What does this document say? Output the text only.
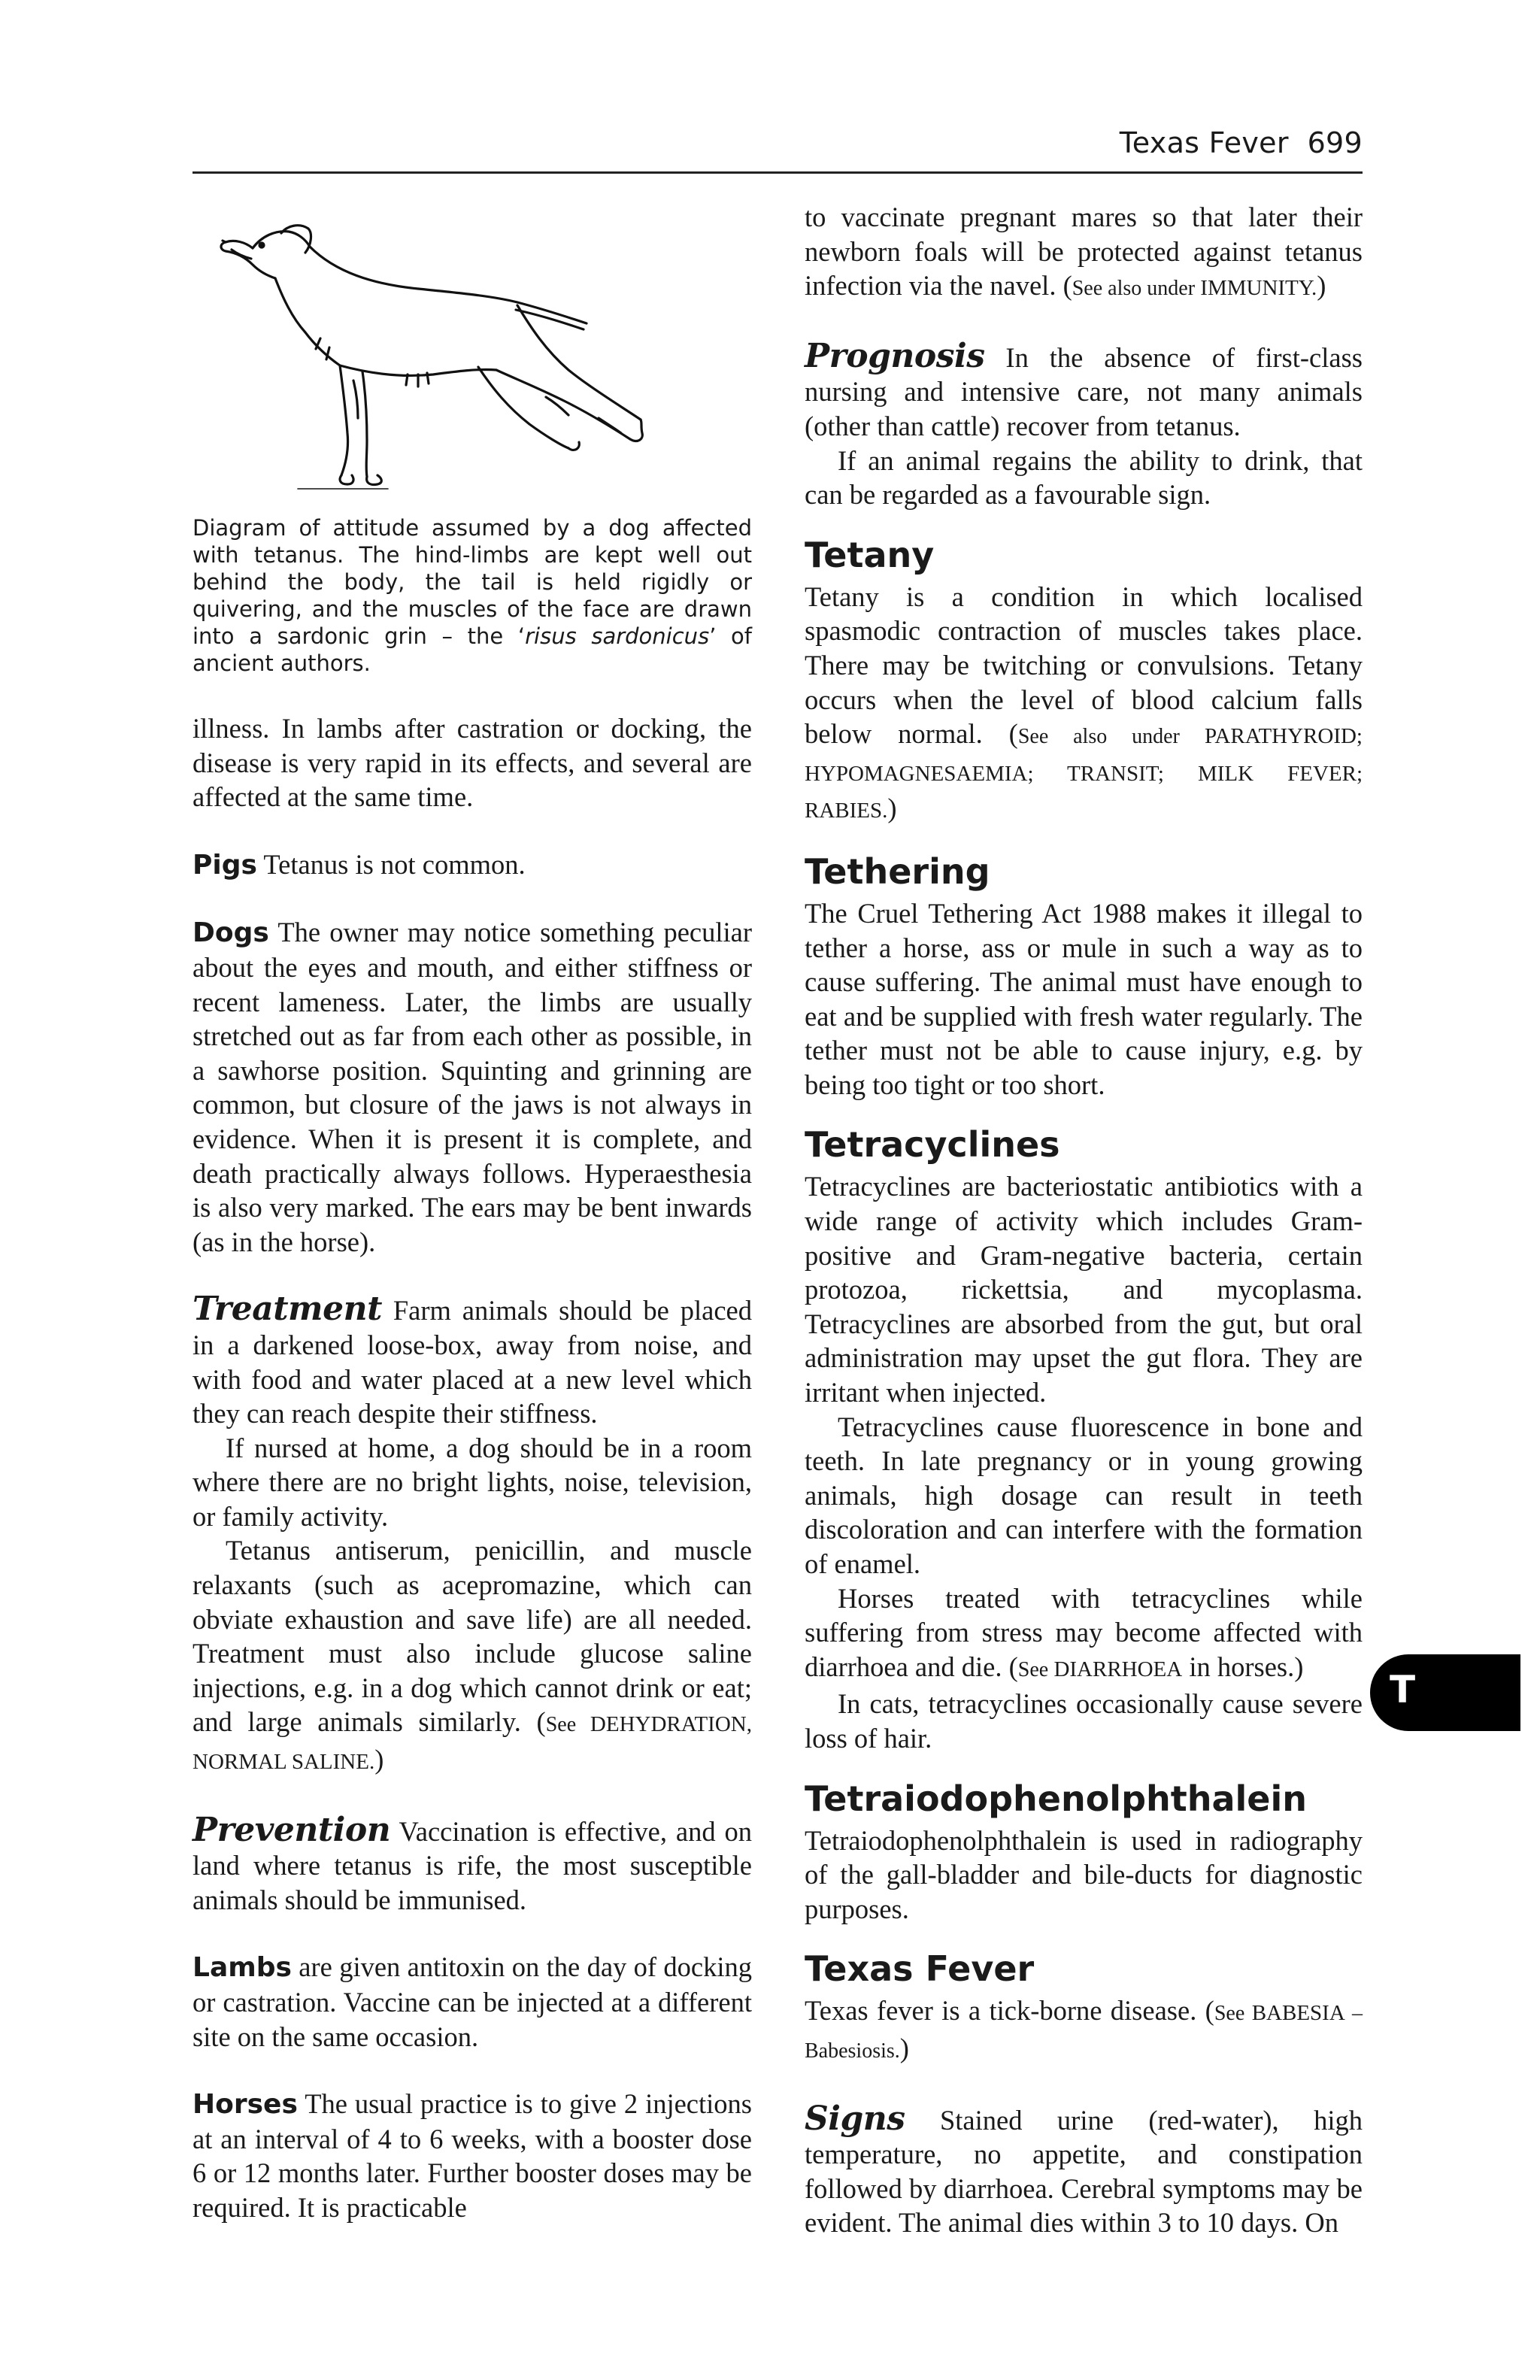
Texas Fever 699

Diagram of attitude assumed by a dog affected with tetanus. The hind-limbs are kept well out behind the body, the tail is held rigidly or quivering, and the muscles of the face are drawn into a sardonic grin – the ‘risus sardonicus’ of ancient authors.

illness. In lambs after castration or docking, the disease is very rapid in its effects, and several are affected at the same time.

Pigs Tetanus is not common.

Dogs The owner may notice something peculiar about the eyes and mouth, and either stiffness or recent lameness. Later, the limbs are usually stretched out as far from each other as possible, in a sawhorse position. Squinting and grinning are common, but closure of the jaws is not always in evidence. When it is present it is complete, and death practically always follows. Hyperaesthesia is also very marked. The ears may be bent inwards (as in the horse).

Treatment Farm animals should be placed in a darkened loose-box, away from noise, and with food and water placed at a new level which they can reach despite their stiffness.

If nursed at home, a dog should be in a room where there are no bright lights, noise, television, or family activity.

Tetanus antiserum, penicillin, and muscle relaxants (such as acepromazine, which can obviate exhaustion and save life) are all needed. Treatment must also include glucose saline injections, e.g. in a dog which cannot drink or eat; and large animals similarly. (See DEHYDRATION, NORMAL SALINE.)

Prevention Vaccination is effective, and on land where tetanus is rife, the most susceptible animals should be immunised.

Lambs are given antitoxin on the day of docking or castration. Vaccine can be injected at a different site on the same occasion.

Horses The usual practice is to give 2 injections at an interval of 4 to 6 weeks, with a booster dose 6 or 12 months later. Further booster doses may be required. It is practicable

to vaccinate pregnant mares so that later their newborn foals will be protected against tetanus infection via the navel. (See also under IMMUNITY.)

Prognosis In the absence of first-class nursing and intensive care, not many animals (other than cattle) recover from tetanus.

If an animal regains the ability to drink, that can be regarded as a favourable sign.

Tetany

Tetany is a condition in which localised spasmodic contraction of muscles takes place. There may be twitching or convulsions. Tetany occurs when the level of blood calcium falls below normal. (See also under PARATHYROID; HYPOMAGNESAEMIA; TRANSIT; MILK FEVER; RABIES.)

Tethering

The Cruel Tethering Act 1988 makes it illegal to tether a horse, ass or mule in such a way as to cause suffering. The animal must have enough to eat and be supplied with fresh water regularly. The tether must not be able to cause injury, e.g. by being too tight or too short.

Tetracyclines

Tetracyclines are bacteriostatic antibiotics with a wide range of activity which includes Gram-positive and Gram-negative bacteria, certain protozoa, rickettsia, and mycoplasma. Tetracyclines are absorbed from the gut, but oral administration may upset the gut flora. They are irritant when injected.

Tetracyclines cause fluorescence in bone and teeth. In late pregnancy or in young growing animals, high dosage can result in teeth discoloration and can interfere with the formation of enamel.

Horses treated with tetracyclines while suffering from stress may become affected with diarrhoea and die. (See DIARRHOEA in horses.)

In cats, tetracyclines occasionally cause severe loss of hair.

Tetraiodophenolphthalein

Tetraiodophenolphthalein is used in radiography of the gall-bladder and bile-ducts for diagnostic purposes.

Texas Fever

Texas fever is a tick-borne disease. (See BABESIA – Babesiosis.)

Signs Stained urine (red-water), high temperature, no appetite, and constipation followed by diarrhoea. Cerebral symptoms may be evident. The animal dies within 3 to 10 days. On

T
